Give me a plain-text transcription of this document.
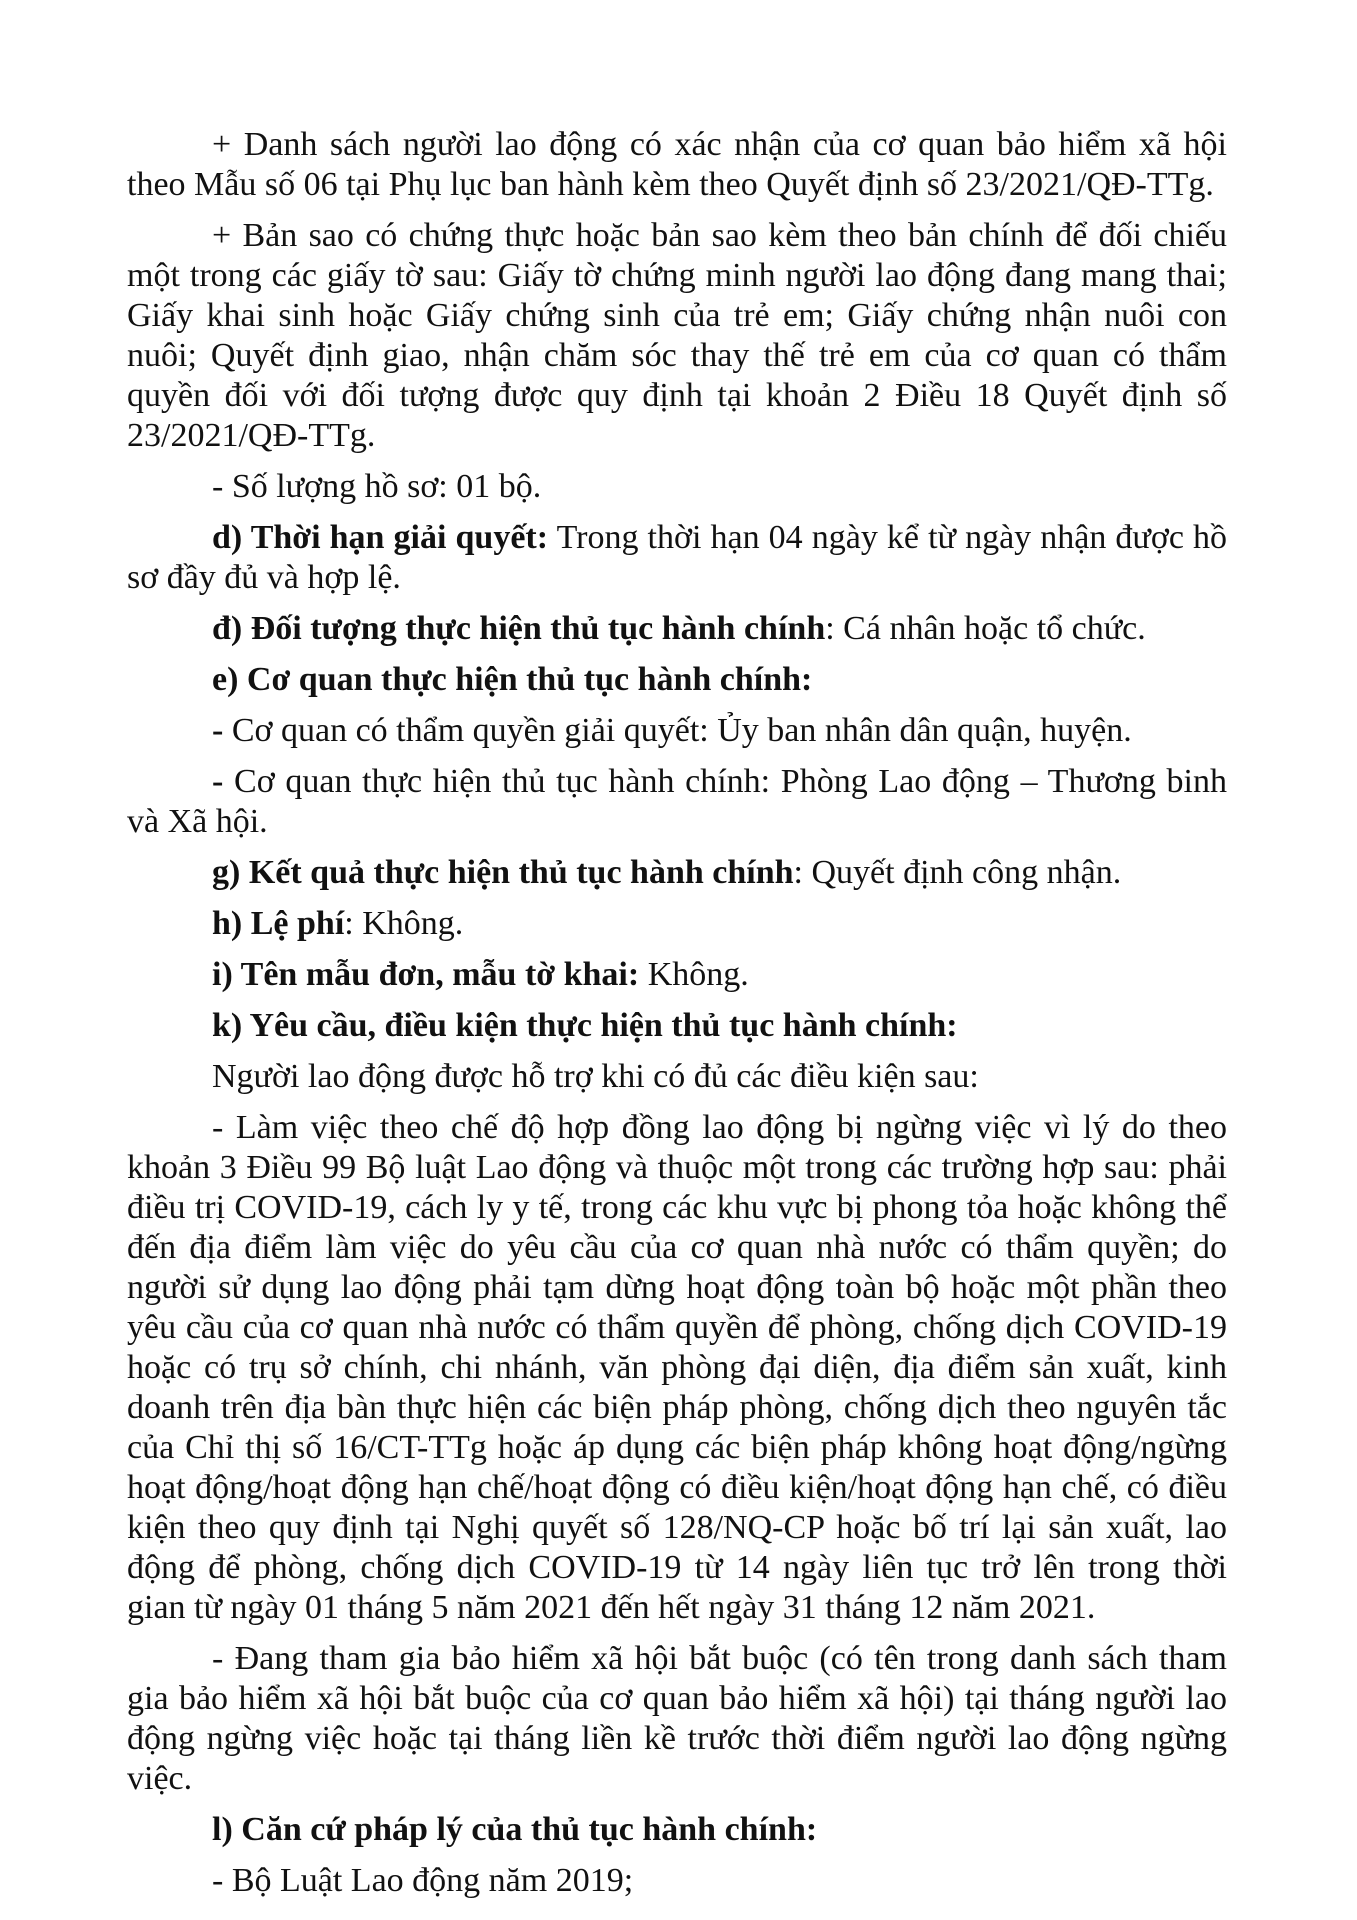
+ Danh sách người lao động có xác nhận của cơ quan bảo hiểm xã hội theo Mẫu số 06 tại Phụ lục ban hành kèm theo Quyết định số 23/2021/QĐ-TTg.

+ Bản sao có chứng thực hoặc bản sao kèm theo bản chính để đối chiếu một trong các giấy tờ sau: Giấy tờ chứng minh người lao động đang mang thai; Giấy khai sinh hoặc Giấy chứng sinh của trẻ em; Giấy chứng nhận nuôi con nuôi; Quyết định giao, nhận chăm sóc thay thế trẻ em của cơ quan có thẩm quyền đối với đối tượng được quy định tại khoản 2 Điều 18 Quyết định số 23/2021/QĐ-TTg.

- Số lượng hồ sơ: 01 bộ.

d) Thời hạn giải quyết: Trong thời hạn 04 ngày kể từ ngày nhận được hồ sơ đầy đủ và hợp lệ.

đ) Đối tượng thực hiện thủ tục hành chính: Cá nhân hoặc tổ chức.

e) Cơ quan thực hiện thủ tục hành chính:

- Cơ quan có thẩm quyền giải quyết: Ủy ban nhân dân quận, huyện.

- Cơ quan thực hiện thủ tục hành chính: Phòng Lao động – Thương binh và Xã hội.

g) Kết quả thực hiện thủ tục hành chính: Quyết định công nhận.

h) Lệ phí: Không.

i) Tên mẫu đơn, mẫu tờ khai: Không.

k) Yêu cầu, điều kiện thực hiện thủ tục hành chính:

Người lao động được hỗ trợ khi có đủ các điều kiện sau:

- Làm việc theo chế độ hợp đồng lao động bị ngừng việc vì lý do theo khoản 3 Điều 99 Bộ luật Lao động và thuộc một trong các trường hợp sau: phải điều trị COVID-19, cách ly y tế, trong các khu vực bị phong tỏa hoặc không thể đến địa điểm làm việc do yêu cầu của cơ quan nhà nước có thẩm quyền; do người sử dụng lao động phải tạm dừng hoạt động toàn bộ hoặc một phần theo yêu cầu của cơ quan nhà nước có thẩm quyền để phòng, chống dịch COVID-19 hoặc có trụ sở chính, chi nhánh, văn phòng đại diện, địa điểm sản xuất, kinh doanh trên địa bàn thực hiện các biện pháp phòng, chống dịch theo nguyên tắc của Chỉ thị số 16/CT-TTg hoặc áp dụng các biện pháp không hoạt động/ngừng hoạt động/hoạt động hạn chế/hoạt động có điều kiện/hoạt động hạn chế, có điều kiện theo quy định tại Nghị quyết số 128/NQ-CP hoặc bố trí lại sản xuất, lao động để phòng, chống dịch COVID-19 từ 14 ngày liên tục trở lên trong thời gian từ ngày 01 tháng 5 năm 2021 đến hết ngày 31 tháng 12 năm 2021.

- Đang tham gia bảo hiểm xã hội bắt buộc (có tên trong danh sách tham gia bảo hiểm xã hội bắt buộc của cơ quan bảo hiểm xã hội) tại tháng người lao động ngừng việc hoặc tại tháng liền kề trước thời điểm người lao động ngừng việc.

l) Căn cứ pháp lý của thủ tục hành chính:

- Bộ Luật Lao động năm 2019;
